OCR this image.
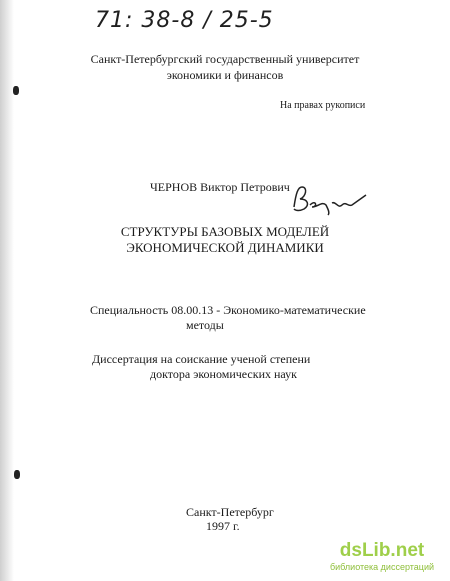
71: 38-8 / 25-5
Санкт-Петербургский государственный университет
экономики и финансов
На правах рукописи
ЧЕРНОВ Виктор Петрович
СТРУКТУРЫ БАЗОВЫХ МОДЕЛЕЙ
ЭКОНОМИЧЕСКОЙ ДИНАМИКИ
Специальность 08.00.13 - Экономико-математические
методы
Диссертация на соискание ученой степени
доктора экономических наук
Санкт-Петербург
1997 г.
dsLib.net
библиотека диссертаций
